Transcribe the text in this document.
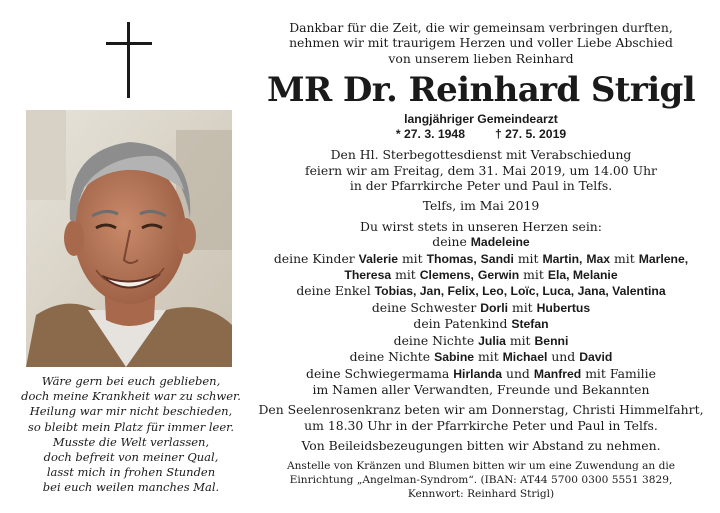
Wäre gern bei euch geblieben,
doch meine Krankheit war zu schwer.
Heilung war mir nicht beschieden,
so bleibt mein Platz für immer leer.
Musste die Welt verlassen,
doch befreit von meiner Qual,
lasst mich in frohen Stunden
bei euch weilen manches Mal.
Dankbar für die Zeit, die wir gemeinsam verbringen durften,
nehmen wir mit traurigem Herzen und voller Liebe Abschied
von unserem lieben Reinhard
MR Dr. Reinhard Strigl
langjähriger Gemeindearzt
* 27. 3. 1948 † 27. 5. 2019
Den Hl. Sterbegottesdienst mit Verabschiedung
feiern wir am Freitag, dem 31. Mai 2019, um 14.00 Uhr
in der Pfarrkirche Peter und Paul in Telfs.
Telfs, im Mai 2019
Du wirst stets in unseren Herzen sein:
deine Madeleine
deine Kinder Valerie mit Thomas, Sandi mit Martin, Max mit Marlene,
Theresa mit Clemens, Gerwin mit Ela, Melanie
deine Enkel Tobias, Jan, Felix, Leo, Loïc, Luca, Jana, Valentina
deine Schwester Dorli mit Hubertus
dein Patenkind Stefan
deine Nichte Julia mit Benni
deine Nichte Sabine mit Michael und David
deine Schwiegermama Hirlanda und Manfred mit Familie
im Namen aller Verwandten, Freunde und Bekannten
Den Seelenrosenkranz beten wir am Donnerstag, Christi Himmelfahrt,
um 18.30 Uhr in der Pfarrkirche Peter und Paul in Telfs.
Von Beileidsbezeugungen bitten wir Abstand zu nehmen.
Anstelle von Kränzen und Blumen bitten wir um eine Zuwendung an die
Einrichtung „Angelman-Syndrom“. (IBAN: AT44 5700 0300 5551 3829,
Kennwort: Reinhard Strigl)
